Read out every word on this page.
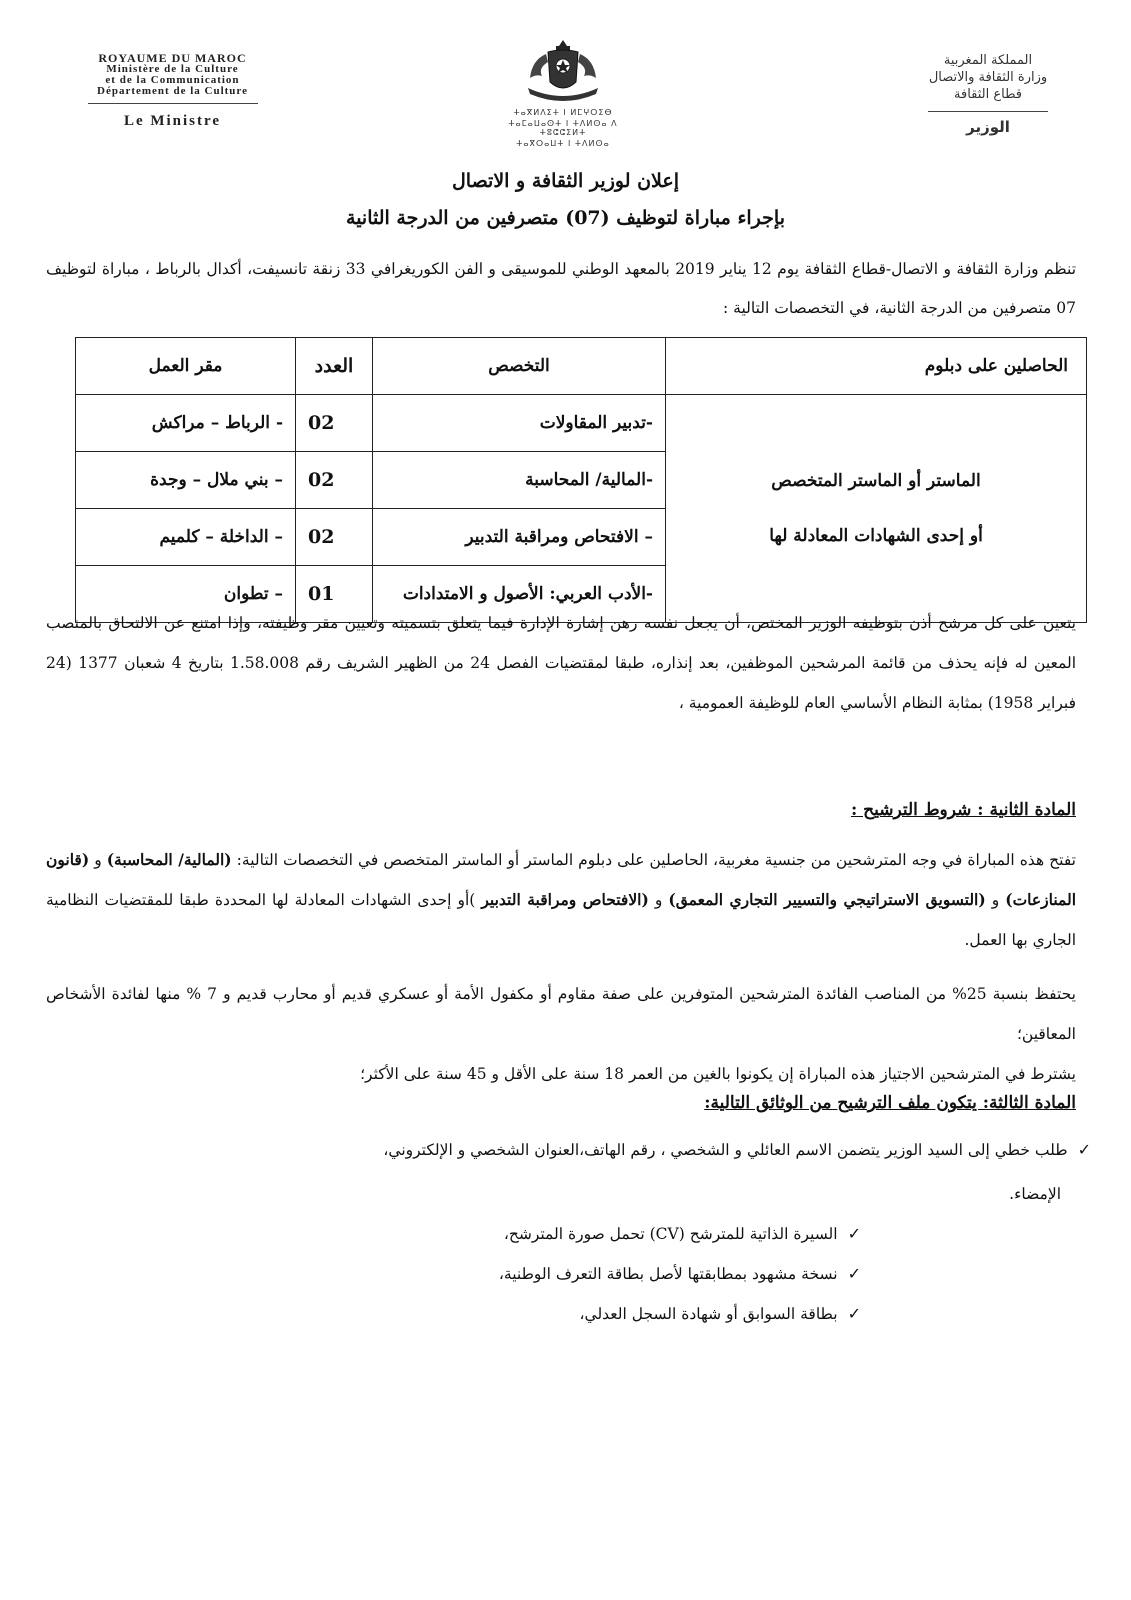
ROYAUME DU MAROC
Ministère de la Culture
et de la Communication
Département de la Culture
Le Ministre
ⵜⴰⴳⵍⴷⵉⵜ ⵏ ⵍⵎⵖⵔⵉⴱ
ⵜⴰⵎⴰⵡⴰⵙⵜ ⵏ ⵜⴷⵍⵙⴰ ⴷ ⵜⵓⵛⵛⵉⵍⵜ
ⵜⴰⴳⵔⴰⵡⵜ ⵏ ⵜⴷⵍⵙⴰ
المملكة المغربية
وزارة الثقافة والاتصال
قطاع الثقافة
الوزير
إعلان لوزير الثقافة و الاتصال
بإجراء مباراة لتوظيف (07) متصرفين من الدرجة الثانية
تنظم وزارة الثقافة و الاتصال-قطاع الثقافة يوم 12 يناير 2019 بالمعهد الوطني للموسيقى و الفن الكوريغرافي 33 زنقة تانسيفت، أكدال بالرباط ، مباراة لتوظيف 07 متصرفين من الدرجة الثانية، في التخصصات التالية :
الحاصلين على دبلوم	التخصص	العدد	مقر العمل

الماستر أو الماستر المتخصص
أو إحدى الشهادات المعادلة لها	-تدبير المقاولات	02	- الرباط – مراكش
	-المالية/ المحاسبة	02	– بني ملال – وجدة
	– الافتحاص ومراقبة التدبير	02	– الداخلة – كلميم
	-الأدب العربي: الأصول و الامتدادات	01	– تطوان
يتعين على كل مرشح أذن بتوظيفه الوزير المختص، أن يجعل نفسه رهن إشارة الإدارة فيما يتعلق بتسميته وتعيين مقر وظيفته، وإذا امتنع عن الالتحاق بالمنصب المعين له فإنه يحذف من قائمة المرشحين الموظفين، بعد إنذاره، طبقا لمقتضيات الفصل 24 من الظهير الشريف رقم 1.58.008 بتاريخ 4 شعبان 1377 (24 فبراير 1958) بمثابة النظام الأساسي العام للوظيفة العمومية ،
المادة الثانية : شروط الترشيح :
تفتح هذه المباراة في وجه المترشحين من جنسية مغربية، الحاصلين على دبلوم الماستر أو الماستر المتخصص في التخصصات التالية: (المالية/ المحاسبة) و (قانون المنازعات) و (التسويق الاستراتيجي والتسيير التجاري المعمق) و (الافتحاص ومراقبة التدبير )أو إحدى الشهادات المعادلة لها المحددة طبقا للمقتضيات النظامية الجاري بها العمل.
يحتفظ بنسبة 25% من المناصب الفائدة المترشحين المتوفرين على صفة مقاوم أو مكفول الأمة أو عسكري قديم أو محارب قديم و 7 % منها لفائدة الأشخاص المعاقين؛
يشترط في المترشحين الاجتياز هذه المباراة إن يكونوا بالغين من العمر 18 سنة على الأقل و 45 سنة على الأكثر؛
المادة الثالثة: يتكون ملف الترشيح من الوثائق التالية:
✓طلب خطي إلى السيد الوزير يتضمن الاسم العائلي و الشخصي ، رقم الهاتف،العنوان الشخصي و الإلكتروني،
الإمضاء.
✓السيرة الذاتية للمترشح (CV) تحمل صورة المترشح،
✓نسخة مشهود بمطابقتها لأصل بطاقة التعرف الوطنية،
✓بطاقة السوابق أو شهادة السجل العدلي،
